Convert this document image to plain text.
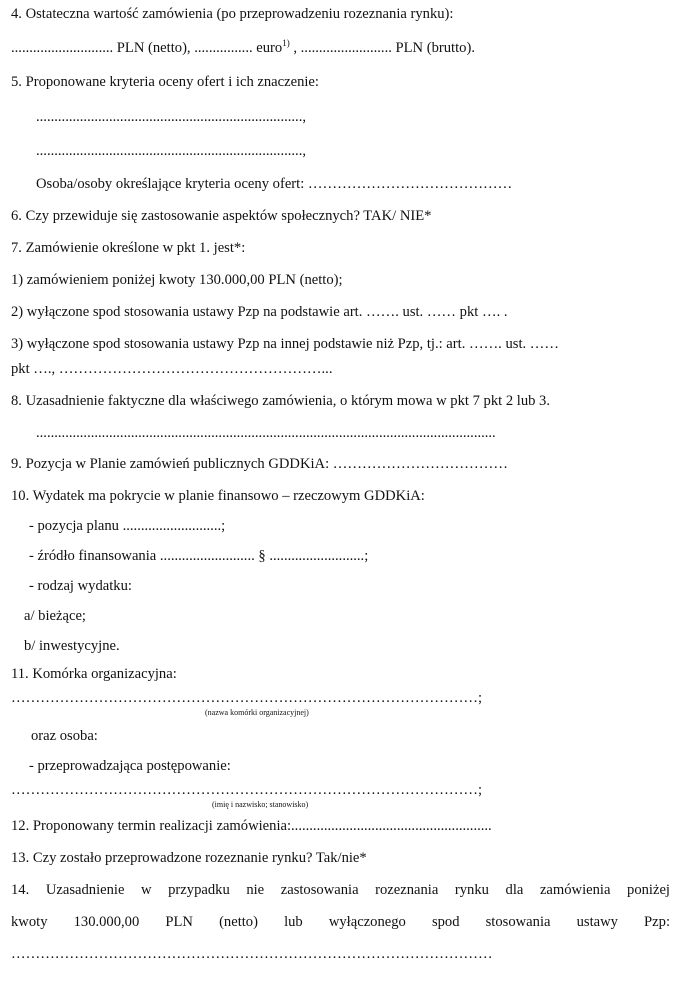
4. Ostateczna wartość zamówienia (po przeprowadzeniu rozeznania rynku):
............................ PLN (netto), ................ euro$^{1)}$ , ......................... PLN (brutto).
5. Proponowane kryteria oceny ofert i ich znaczenie:
.........................................................................,
.........................................................................,
Osoba/osoby określające kryteria oceny ofert: ……………………………………
6. Czy przewiduje się zastosowanie aspektów społecznych? TAK/ NIE*
7. Zamówienie określone w pkt 1. jest*:
1) zamówieniem poniżej kwoty 130.000,00 PLN (netto);
2) wyłączone spod stosowania ustawy Pzp na podstawie art. ……. ust. …… pkt …. .
3) wyłączone spod stosowania ustawy Pzp na innej podstawie niż Pzp, tj.: art. ……. ust. ……
pkt …., ………………………………………………...
8. Uzasadnienie faktyczne dla właściwego zamówienia, o którym mowa w pkt 7 pkt 2 lub 3.
..............................................................................................................................
9. Pozycja w Planie zamówień publicznych GDDKiA: ………………………………
10. Wydatek ma pokrycie w planie finansowo – rzeczowym GDDKiA:
- pozycja planu ...........................;
- źródło finansowania .......................... § ..........................;
- rodzaj wydatku:
a/ bieżące;
b/ inwestycyjne.
11. Komórka organizacyjna:
……………………………………………………………………………………;
(nazwa komórki organizacyjnej)
oraz osoba:
- przeprowadzająca postępowanie:
……………………………………………………………………………………;
(imię i nazwisko; stanowisko)
12. Proponowany termin realizacji zamówienia:.......................................................
13. Czy zostało przeprowadzone rozeznanie rynku? Tak/nie*
14. Uzasadnienie w przypadku nie zastosowania rozeznania rynku dla zamówienia poniżej
kwoty 130.000,00 PLN (netto) lub wyłączonego spod stosowania ustawy Pzp:
………………………………………………………………………………………
